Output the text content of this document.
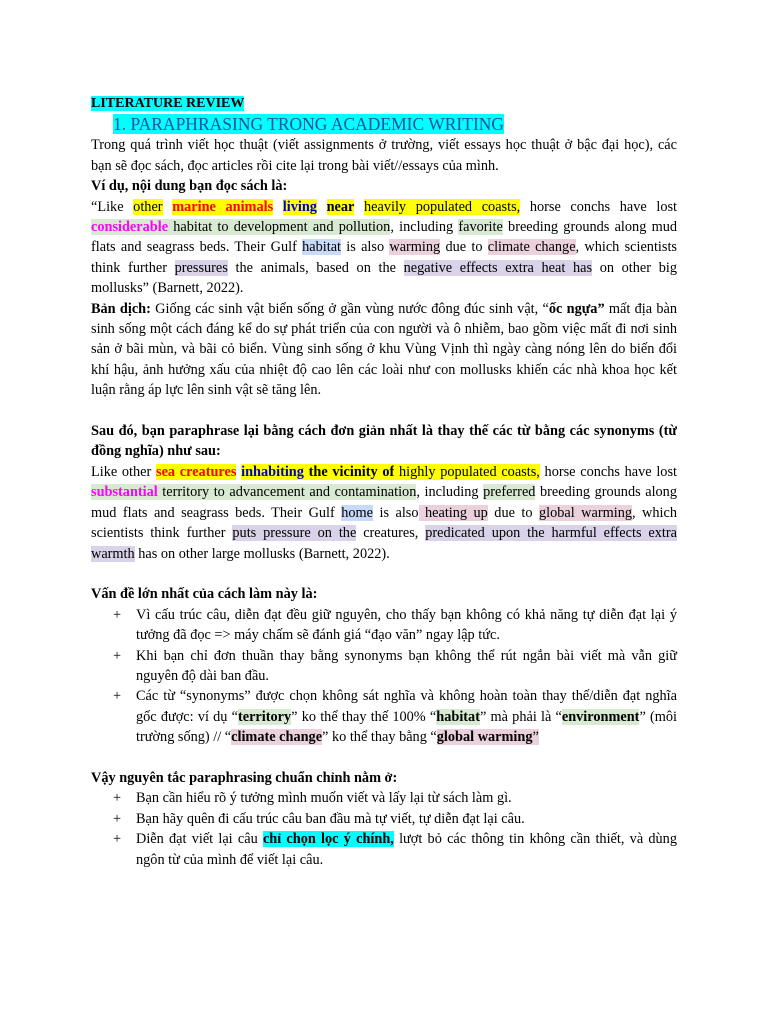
LITERATURE REVIEW

1. PARAPHRASING TRONG ACADEMIC WRITING

Trong quá trình viết học thuật (viết assignments ở trường, viết essays học thuật ở bậc đại học), các bạn sẽ đọc sách, đọc articles rồi cite lại trong bài viết//essays của mình.

Ví dụ, nội dung bạn đọc sách là:

“Like other marine animals living near heavily populated coasts, horse conchs have lost considerable habitat to development and pollution, including favorite breeding grounds along mud flats and seagrass beds. Their Gulf habitat is also warming due to climate change, which scientists think further pressures the animals, based on the negative effects extra heat has on other big mollusks” (Barnett, 2022).

Bản dịch: Giống các sinh vật biển sống ở gần vùng nước đông đúc sinh vật, “ốc ngựa” mất địa bàn sinh sống một cách đáng kể do sự phát triển của con người và ô nhiễm, bao gồm việc mất đi nơi sinh sản ở bãi mùn, và bãi cỏ biển. Vùng sinh sống ở khu Vùng Vịnh thì ngày càng nóng lên do biến đổi khí hậu, ảnh hưởng xấu của nhiệt độ cao lên các loài như con mollusks khiến các nhà khoa học kết luận rằng áp lực lên sinh vật sẽ tăng lên.

Sau đó, bạn paraphrase lại bằng cách đơn giản nhất là thay thế các từ bằng các synonyms (từ đồng nghĩa) như sau:

Like other sea creatures inhabiting the vicinity of highly populated coasts, horse conchs have lost substantial territory to advancement and contamination, including preferred breeding grounds along mud flats and seagrass beds. Their Gulf home is also heating up due to global warming, which scientists think further puts pressure on the creatures, predicated upon the harmful effects extra warmth has on other large mollusks (Barnett, 2022).

Vấn đề lớn nhất của cách làm này là:

+ Vì cấu trúc câu, diễn đạt đều giữ nguyên, cho thấy bạn không có khả năng tự diễn đạt lại ý tưởng đã đọc => máy chấm sẽ đánh giá “đạo văn” ngay lập tức.
+ Khi bạn chỉ đơn thuần thay bằng synonyms bạn không thể rút ngắn bài viết mà vẫn giữ nguyên độ dài ban đầu.
+ Các từ “synonyms” được chọn không sát nghĩa và không hoàn toàn thay thế/diễn đạt nghĩa gốc được: ví dụ “territory” ko thể thay thế 100% “habitat” mà phải là “environment” (môi trường sống) // “climate change” ko thể thay bằng “global warming”

Vậy nguyên tắc paraphrasing chuẩn chỉnh nằm ở:

+ Bạn cần hiểu rõ ý tưởng mình muốn viết và lấy lại từ sách làm gì.
+ Bạn hãy quên đi cấu trúc câu ban đầu mà tự viết, tự diễn đạt lại câu.
+ Diễn đạt viết lại câu chỉ chọn lọc ý chính, lượt bỏ các thông tin không cần thiết, và dùng ngôn từ của mình để viết lại câu.
